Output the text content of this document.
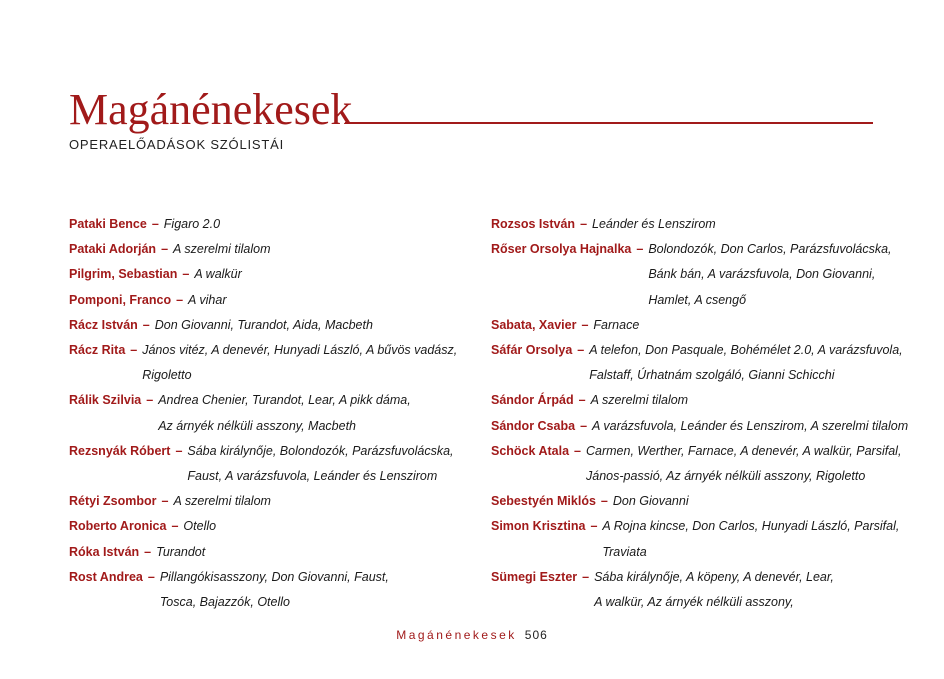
Magánénekesek
OPERAELŐADÁSOK SZÓLISTÁI
Pataki Bence – Figaro 2.0
Pataki Adorján – A szerelmi tilalom
Pilgrim, Sebastian – A walkür
Pomponi, Franco – A vihar
Rácz István – Don Giovanni, Turandot, Aida, Macbeth
Rácz Rita – János vitéz, A denevér, Hunyadi László, A bűvös vadász,
Rigoletto
Rálik Szilvia – Andrea Chenier, Turandot, Lear, A pikk dáma,
Az árnyék nélküli asszony, Macbeth
Rezsnyák Róbert – Sába királynője, Bolondozók, Parázsfuvolácska,
Faust, A varázsfuvola, Leánder és Lenszirom
Rétyi Zsombor – A szerelmi tilalom
Roberto Aronica – Otello
Róka István – Turandot
Rost Andrea – Pillangókisasszony, Don Giovanni, Faust,
Tosca, Bajazzók, Otello
Rozsos István – Leánder és Lenszirom
Rőser Orsolya Hajnalka – Bolondozók, Don Carlos, Parázsfuvolácska,
Bánk bán, A varázsfuvola, Don Giovanni,
Hamlet, A csengő
Sabata, Xavier – Farnace
Sáfár Orsolya – A telefon, Don Pasquale, Bohémélet 2.0, A varázsfuvola,
Falstaff, Úrhatnám szolgáló, Gianni Schicchi
Sándor Árpád – A szerelmi tilalom
Sándor Csaba – A varázsfuvola, Leánder és Lenszirom, A szerelmi tilalom
Schöck Atala – Carmen, Werther, Farnace, A denevér, A walkür, Parsifal,
János-passió, Az árnyék nélküli asszony, Rigoletto
Sebestyén Miklós – Don Giovanni
Simon Krisztina – A Rojna kincse, Don Carlos, Hunyadi László, Parsifal,
Traviata
Sümegi Eszter – Sába királynője, A köpeny, A denevér, Lear,
A walkür, Az árnyék nélküli asszony,
Magánénekesek 506
